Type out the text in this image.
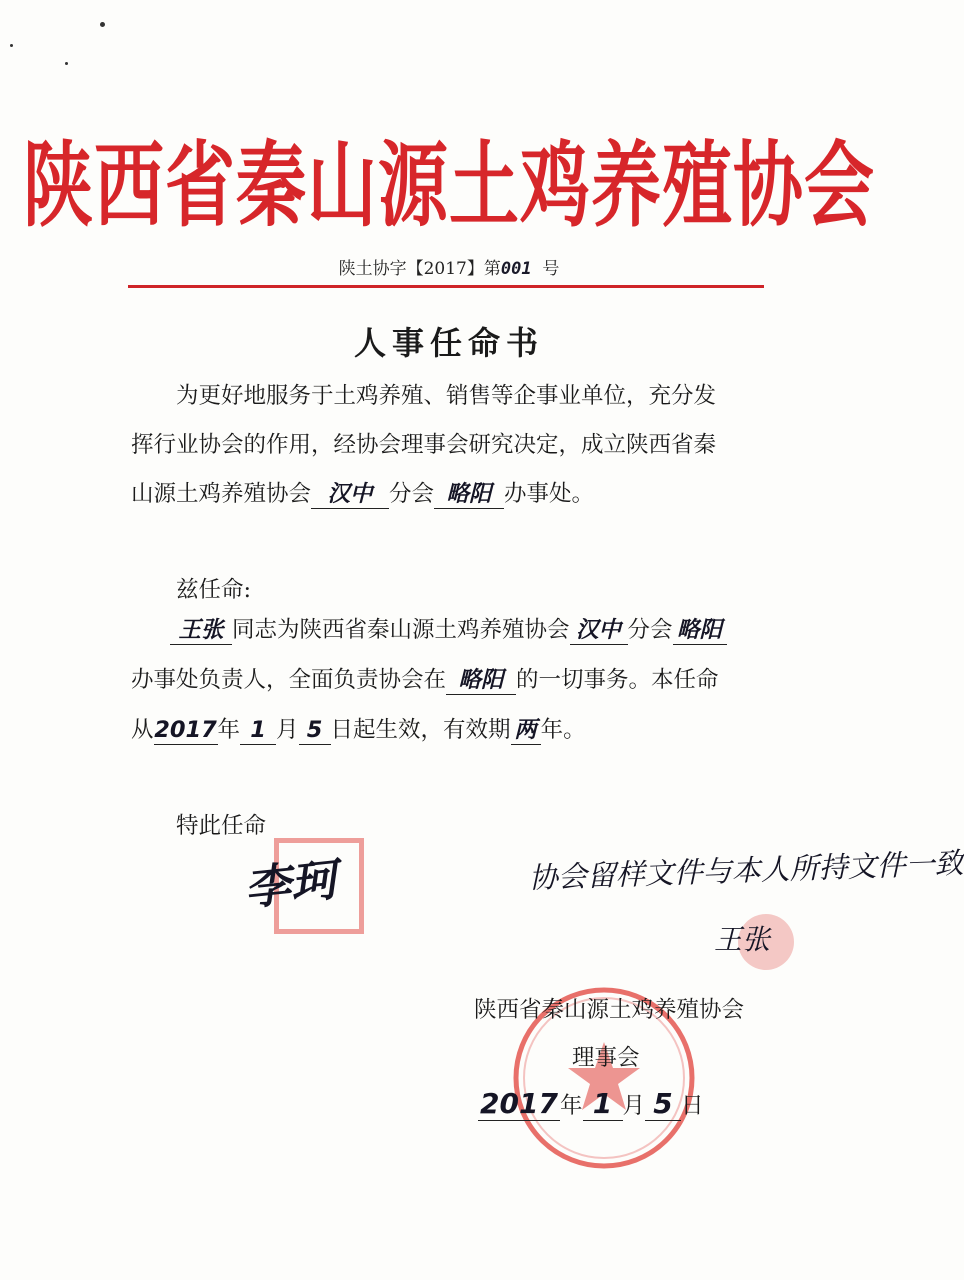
陕西省秦山源土鸡养殖协会
陕土协字【2017】第001 号
人事任命书
为更好地服务于土鸡养殖、销售等企事业单位，充分发
挥行业协会的作用，经协会理事会研究决定，成立陕西省秦
山源土鸡养殖协会 汉中 分会 略阳 办事处。
兹任命:
王张 同志为陕西省秦山源土鸡养殖协会 汉中 分会 略阳
办事处负责人，全面负责协会在 略阳 的一切事务。本任命
从2017年 1 月 5 日起生效，有效期 两 年。
特此任命
李珂	协会留样文件与本人所持文件一致
王张
陕西省秦山源土鸡养殖协会
理事会
2017年 1 月 5 日
